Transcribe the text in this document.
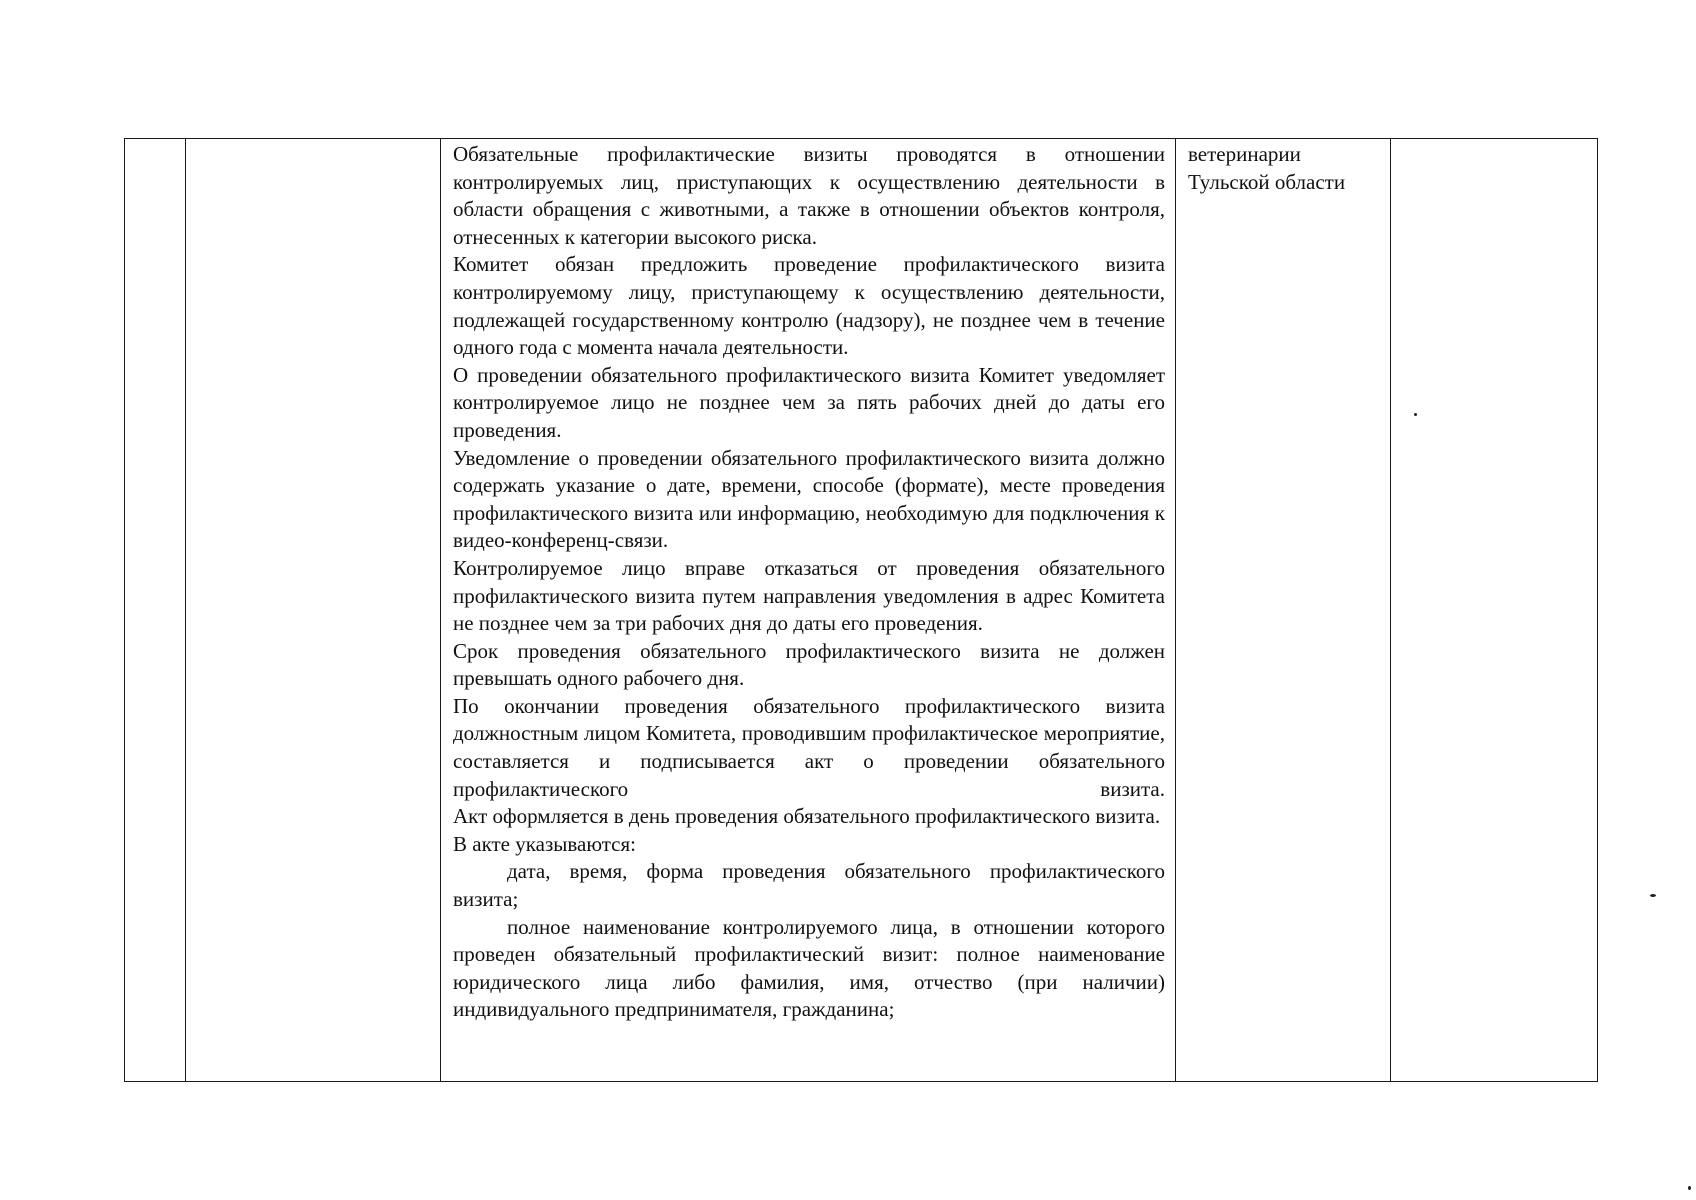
Обязательные профилактические визиты проводятся в отношении контролируемых лиц, приступающих к осуществлению деятельности в области обращения с животными, а также в отношении объектов контроля, отнесенных к категории высокого риска.

Комитет обязан предложить проведение профилактического визита контролируемому лицу, приступающему к осуществлению деятельности, подлежащей государственному контролю (надзору), не позднее чем в течение одного года с момента начала деятельности.

О проведении обязательного профилактического визита Комитет уведомляет контролируемое лицо не позднее чем за пять рабочих дней до даты его проведения.

Уведомление о проведении обязательного профилактического визита должно содержать указание о дате, времени, способе (формате), месте проведения профилактического визита или информацию, необходимую для подключения к видео-конференц-связи.

Контролируемое лицо вправе отказаться от проведения обязательного профилактического визита путем направления уведомления в адрес Комитета не позднее чем за три рабочих дня до даты его проведения.

Срок проведения обязательного профилактического визита не должен превышать одного рабочего дня.

По окончании проведения обязательного профилактического визита должностным лицом Комитета, проводившим профилактическое мероприятие, составляется и подписывается акт о проведении обязательного профилактического визита.

Акт оформляется в день проведения обязательного профилактического визита.

В акте указываются:

дата, время, форма проведения обязательного профилактического визита;

полное наименование контролируемого лица, в отношении которого проведен обязательный профилактический визит: полное наименование юридического лица либо фамилия, имя, отчество (при наличии) индивидуального предпринимателя, гражданина;

ветеринарии
Тульской области
